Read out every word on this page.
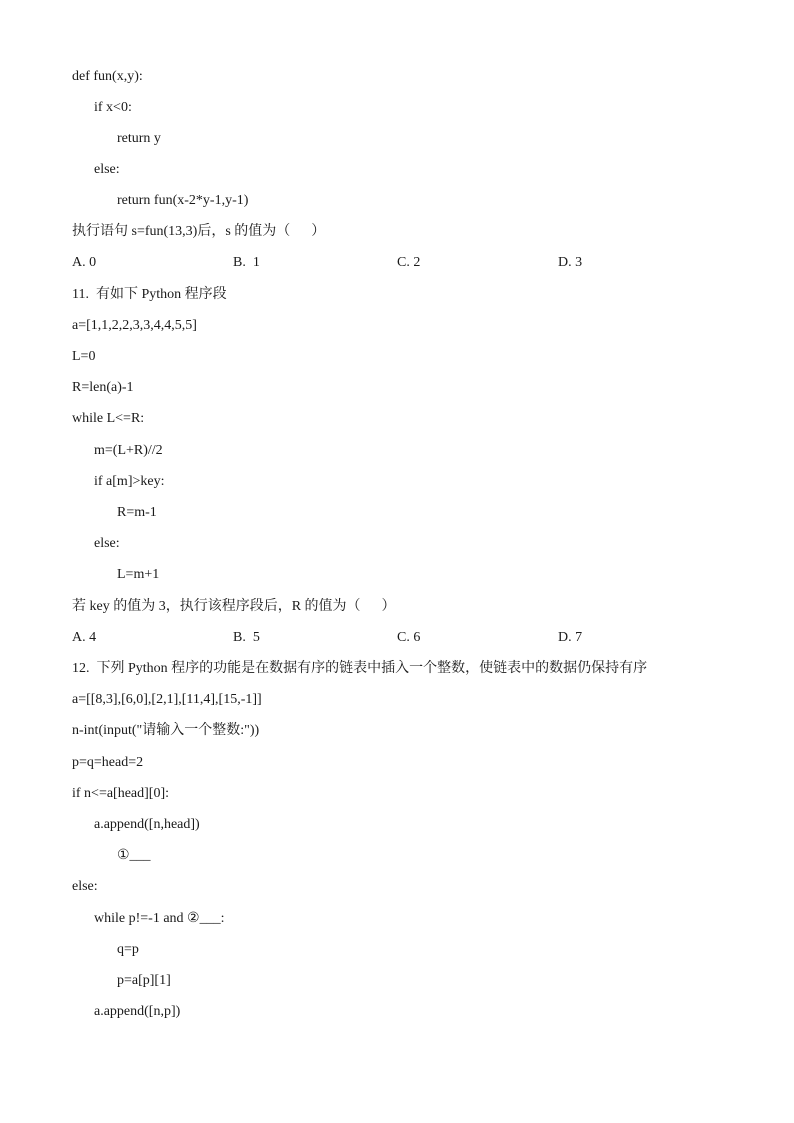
def fun(x,y):
if x<0:
return y
else:
return fun(x-2*y-1,y-1)
执行语句 s=fun(13,3)后，s 的值为（      ）
A. 0	B.  1	C. 2	D. 3
11.  有如下 Python 程序段
a=[1,1,2,2,3,3,4,4,5,5]
L=0
R=len(a)-1
while L<=R:
m=(L+R)//2
if a[m]>key:
R=m-1
else:
L=m+1
若 key 的值为 3，执行该程序段后，R 的值为（      ）
A. 4	B.  5	C. 6	D. 7
12.  下列 Python 程序的功能是在数据有序的链表中插入一个整数，使链表中的数据仍保持有序
a=[[8,3],[6,0],[2,1],[11,4],[15,-1]]
n-int(input("请输入一个整数:"))
p=q=head=2
if n<=a[head][0]:
a.append([n,head])
①___
else:
while p!=-1 and ②___:
q=p
p=a[p][1]
a.append([n,p])
